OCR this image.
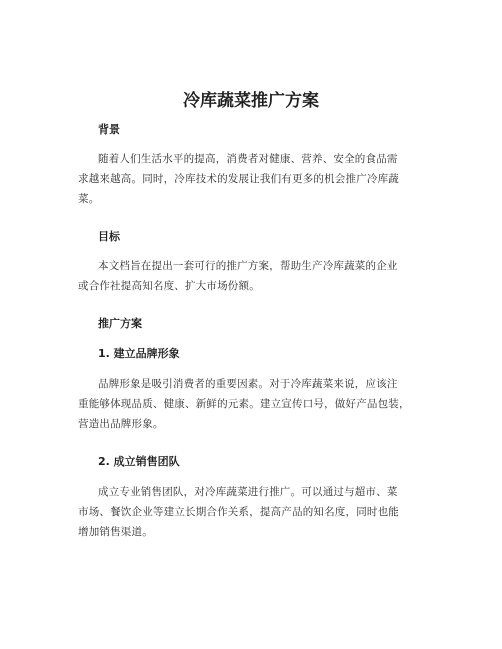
冷库蔬菜推广方案
背景

随着人们生活水平的提高，消费者对健康、营养、安全的食品需

求越来越高。同时，冷库技术的发展让我们有更多的机会推广冷库蔬

菜。

目标

本文档旨在提出一套可行的推广方案，帮助生产冷库蔬菜的企业

或合作社提高知名度、扩大市场份额。

推广方案
1. 建立品牌形象

品牌形象是吸引消费者的重要因素。对于冷库蔬菜来说，应该注

重能够体现品质、健康、新鲜的元素。建立宣传口号，做好产品包装，

营造出品牌形象。

2. 成立销售团队

成立专业销售团队，对冷库蔬菜进行推广。可以通过与超市、菜

市场、餐饮企业等建立长期合作关系，提高产品的知名度，同时也能

增加销售渠道。
